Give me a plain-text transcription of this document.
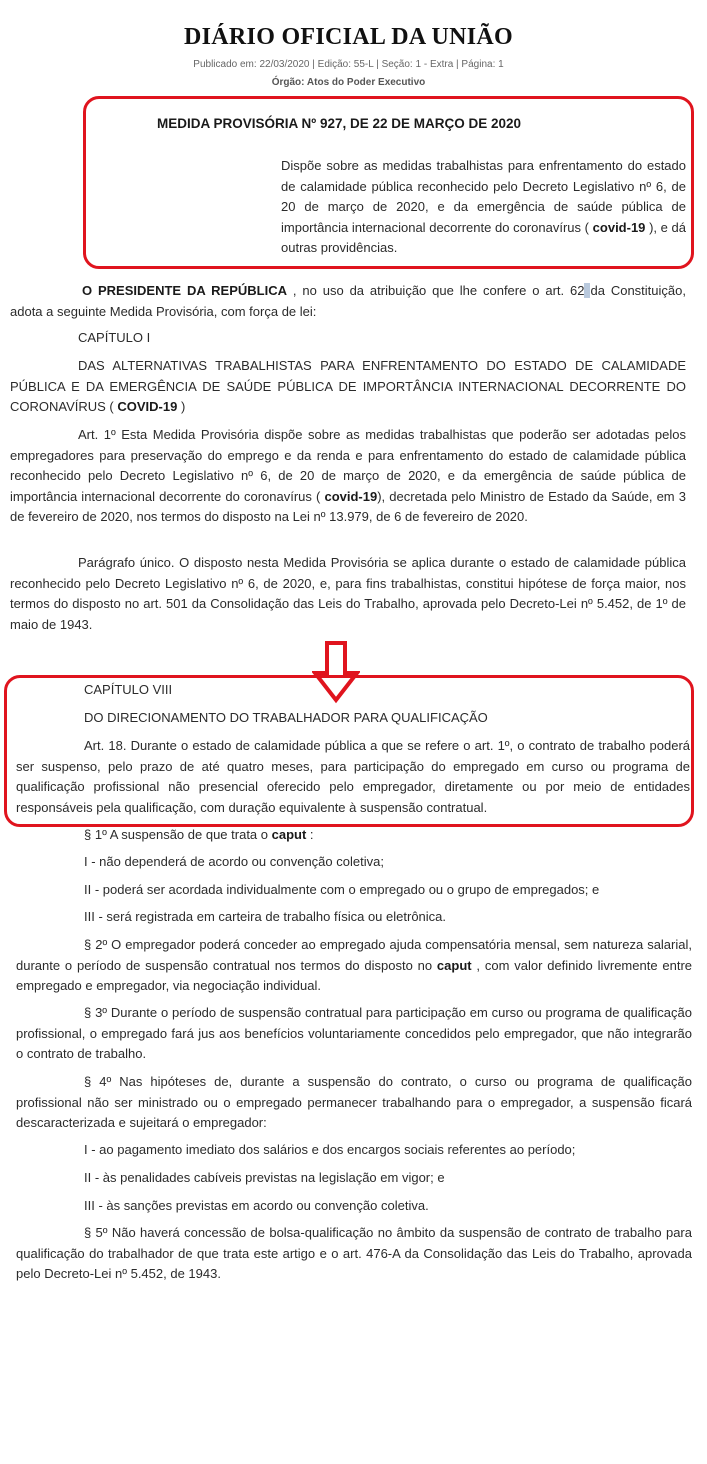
DIÁRIO OFICIAL DA UNIÃO
Publicado em: 22/03/2020 | Edição: 55-L | Seção: 1 - Extra | Página: 1
Órgão: Atos do Poder Executivo
MEDIDA PROVISÓRIA Nº 927, DE 22 DE MARÇO DE 2020
Dispõe sobre as medidas trabalhistas para enfrentamento do estado de calamidade pública reconhecido pelo Decreto Legislativo nº 6, de 20 de março de 2020, e da emergência de saúde pública de importância internacional decorrente do coronavírus ( covid-19 ), e dá outras providências.
O PRESIDENTE DA REPÚBLICA , no uso da atribuição que lhe confere o art. 62 da Constituição, adota a seguinte Medida Provisória, com força de lei:
CAPÍTULO I
DAS ALTERNATIVAS TRABALHISTAS PARA ENFRENTAMENTO DO ESTADO DE CALAMIDADE PÚBLICA E DA EMERGÊNCIA DE SAÚDE PÚBLICA DE IMPORTÂNCIA INTERNACIONAL DECORRENTE DO CORONAVÍRUS ( COVID-19 )
Art. 1º Esta Medida Provisória dispõe sobre as medidas trabalhistas que poderão ser adotadas pelos empregadores para preservação do emprego e da renda e para enfrentamento do estado de calamidade pública reconhecido pelo Decreto Legislativo nº 6, de 20 de março de 2020, e da emergência de saúde pública de importância internacional decorrente do coronavírus ( covid-19), decretada pelo Ministro de Estado da Saúde, em 3 de fevereiro de 2020, nos termos do disposto na Lei nº 13.979, de 6 de fevereiro de 2020.
Parágrafo único. O disposto nesta Medida Provisória se aplica durante o estado de calamidade pública reconhecido pelo Decreto Legislativo nº 6, de 2020, e, para fins trabalhistas, constitui hipótese de força maior, nos termos do disposto no art. 501 da Consolidação das Leis do Trabalho, aprovada pelo Decreto-Lei nº 5.452, de 1º de maio de 1943.
CAPÍTULO VIII
DO DIRECIONAMENTO DO TRABALHADOR PARA QUALIFICAÇÃO
Art. 18. Durante o estado de calamidade pública a que se refere o art. 1º, o contrato de trabalho poderá ser suspenso, pelo prazo de até quatro meses, para participação do empregado em curso ou programa de qualificação profissional não presencial oferecido pelo empregador, diretamente ou por meio de entidades responsáveis pela qualificação, com duração equivalente à suspensão contratual.
§ 1º A suspensão de que trata o caput :
I - não dependerá de acordo ou convenção coletiva;
II - poderá ser acordada individualmente com o empregado ou o grupo de empregados; e
III - será registrada em carteira de trabalho física ou eletrônica.
§ 2º O empregador poderá conceder ao empregado ajuda compensatória mensal, sem natureza salarial, durante o período de suspensão contratual nos termos do disposto no caput , com valor definido livremente entre empregado e empregador, via negociação individual.
§ 3º Durante o período de suspensão contratual para participação em curso ou programa de qualificação profissional, o empregado fará jus aos benefícios voluntariamente concedidos pelo empregador, que não integrarão o contrato de trabalho.
§ 4º Nas hipóteses de, durante a suspensão do contrato, o curso ou programa de qualificação profissional não ser ministrado ou o empregado permanecer trabalhando para o empregador, a suspensão ficará descaracterizada e sujeitará o empregador:
I - ao pagamento imediato dos salários e dos encargos sociais referentes ao período;
II - às penalidades cabíveis previstas na legislação em vigor; e
III - às sanções previstas em acordo ou convenção coletiva.
§ 5º Não haverá concessão de bolsa-qualificação no âmbito da suspensão de contrato de trabalho para qualificação do trabalhador de que trata este artigo e o art. 476-A da Consolidação das Leis do Trabalho, aprovada pelo Decreto-Lei nº 5.452, de 1943.
